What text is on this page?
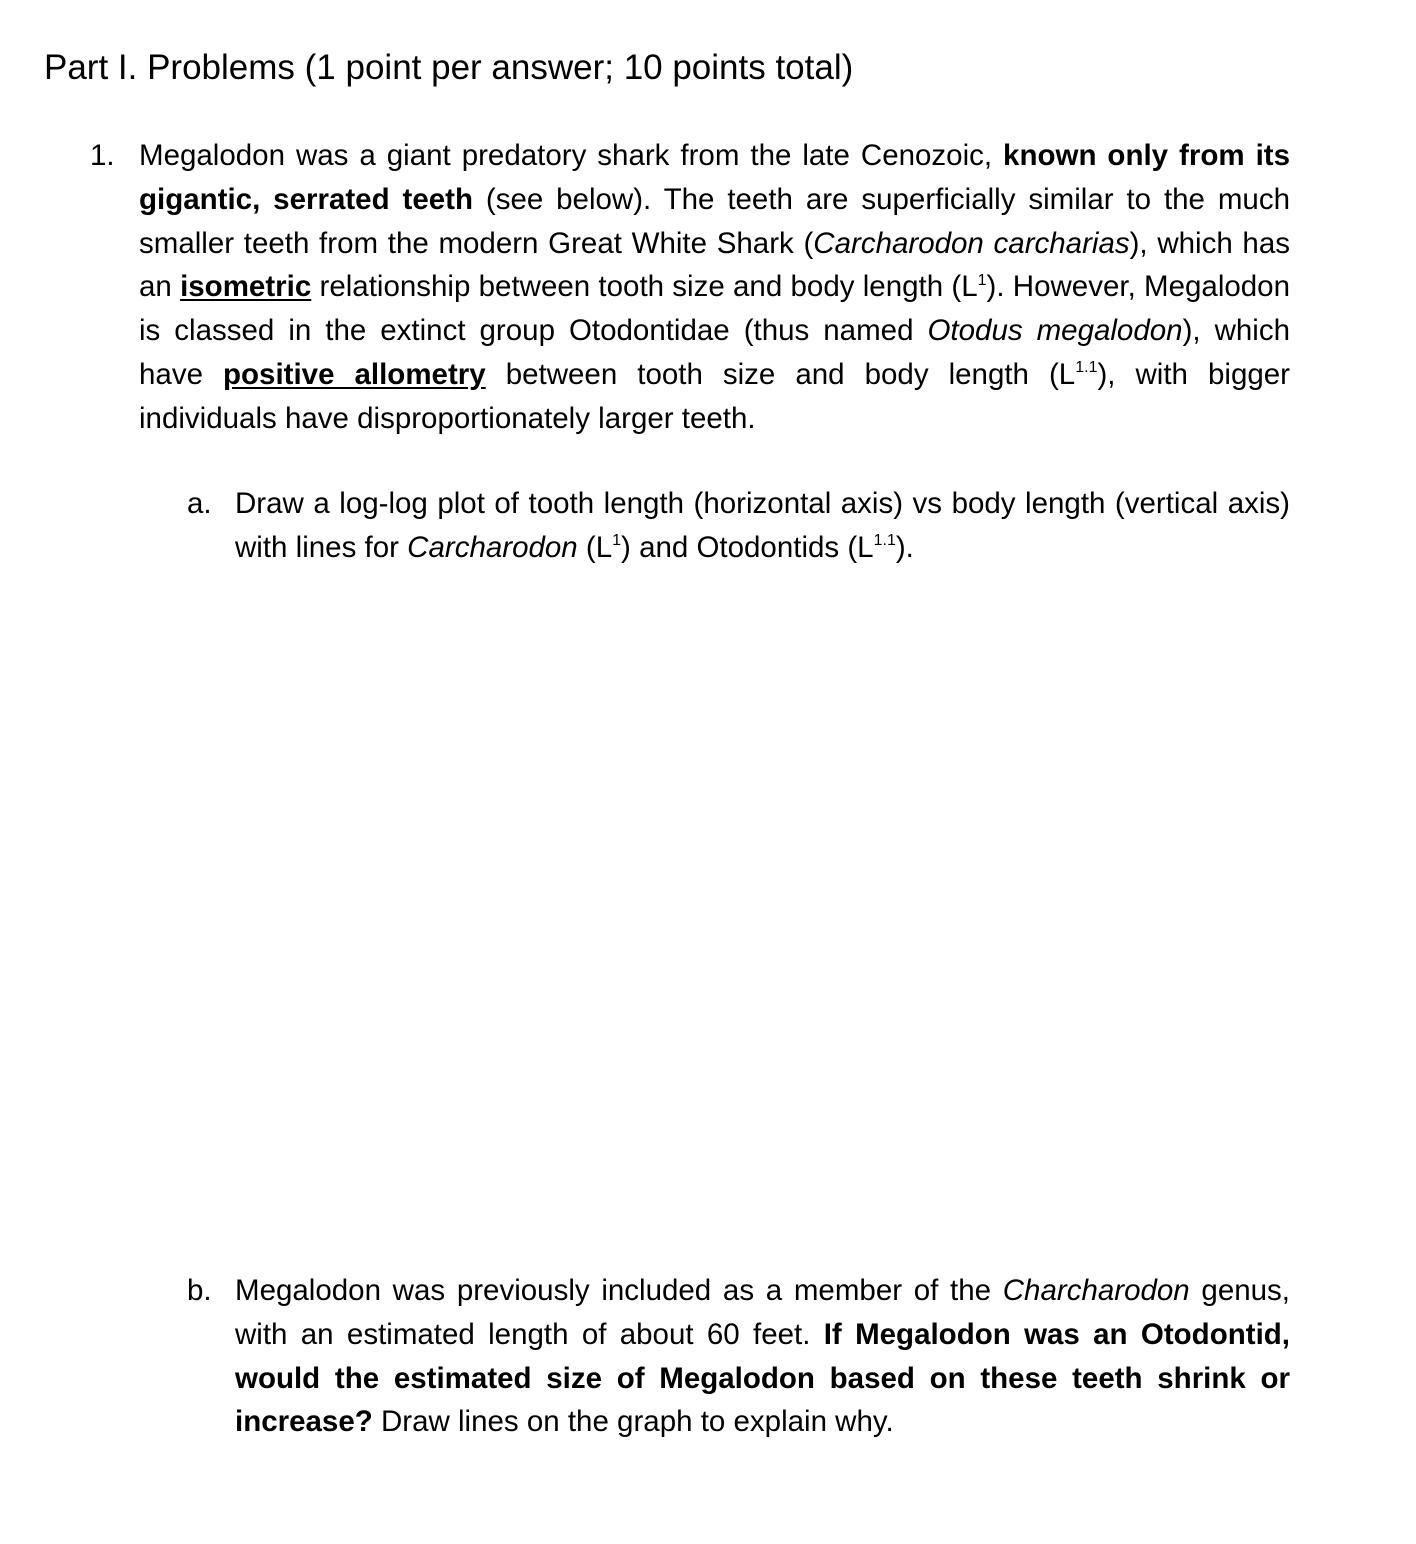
Part I. Problems (1 point per answer; 10 points total)
1. Megalodon was a giant predatory shark from the late Cenozoic, known only from its gigantic, serrated teeth (see below). The teeth are superficially similar to the much smaller teeth from the modern Great White Shark (Carcharodon carcharias), which has an isometric relationship between tooth size and body length $(L^1)$. However, Megalodon is classed in the extinct group Otodontidae (thus named Otodus megalodon), which have positive allometry between tooth size and body length $(L^{1.1})$, with bigger individuals have disproportionately larger teeth.

a. Draw a log-log plot of tooth length (horizontal axis) vs body length (vertical axis) with lines for Carcharodon $(L^1)$ and Otodontids $(L^{1.1})$.

b. Megalodon was previously included as a member of the Charcharodon genus, with an estimated length of about 60 feet. If Megalodon was an Otodontid, would the estimated size of Megalodon based on these teeth shrink or increase? Draw lines on the graph to explain why.
